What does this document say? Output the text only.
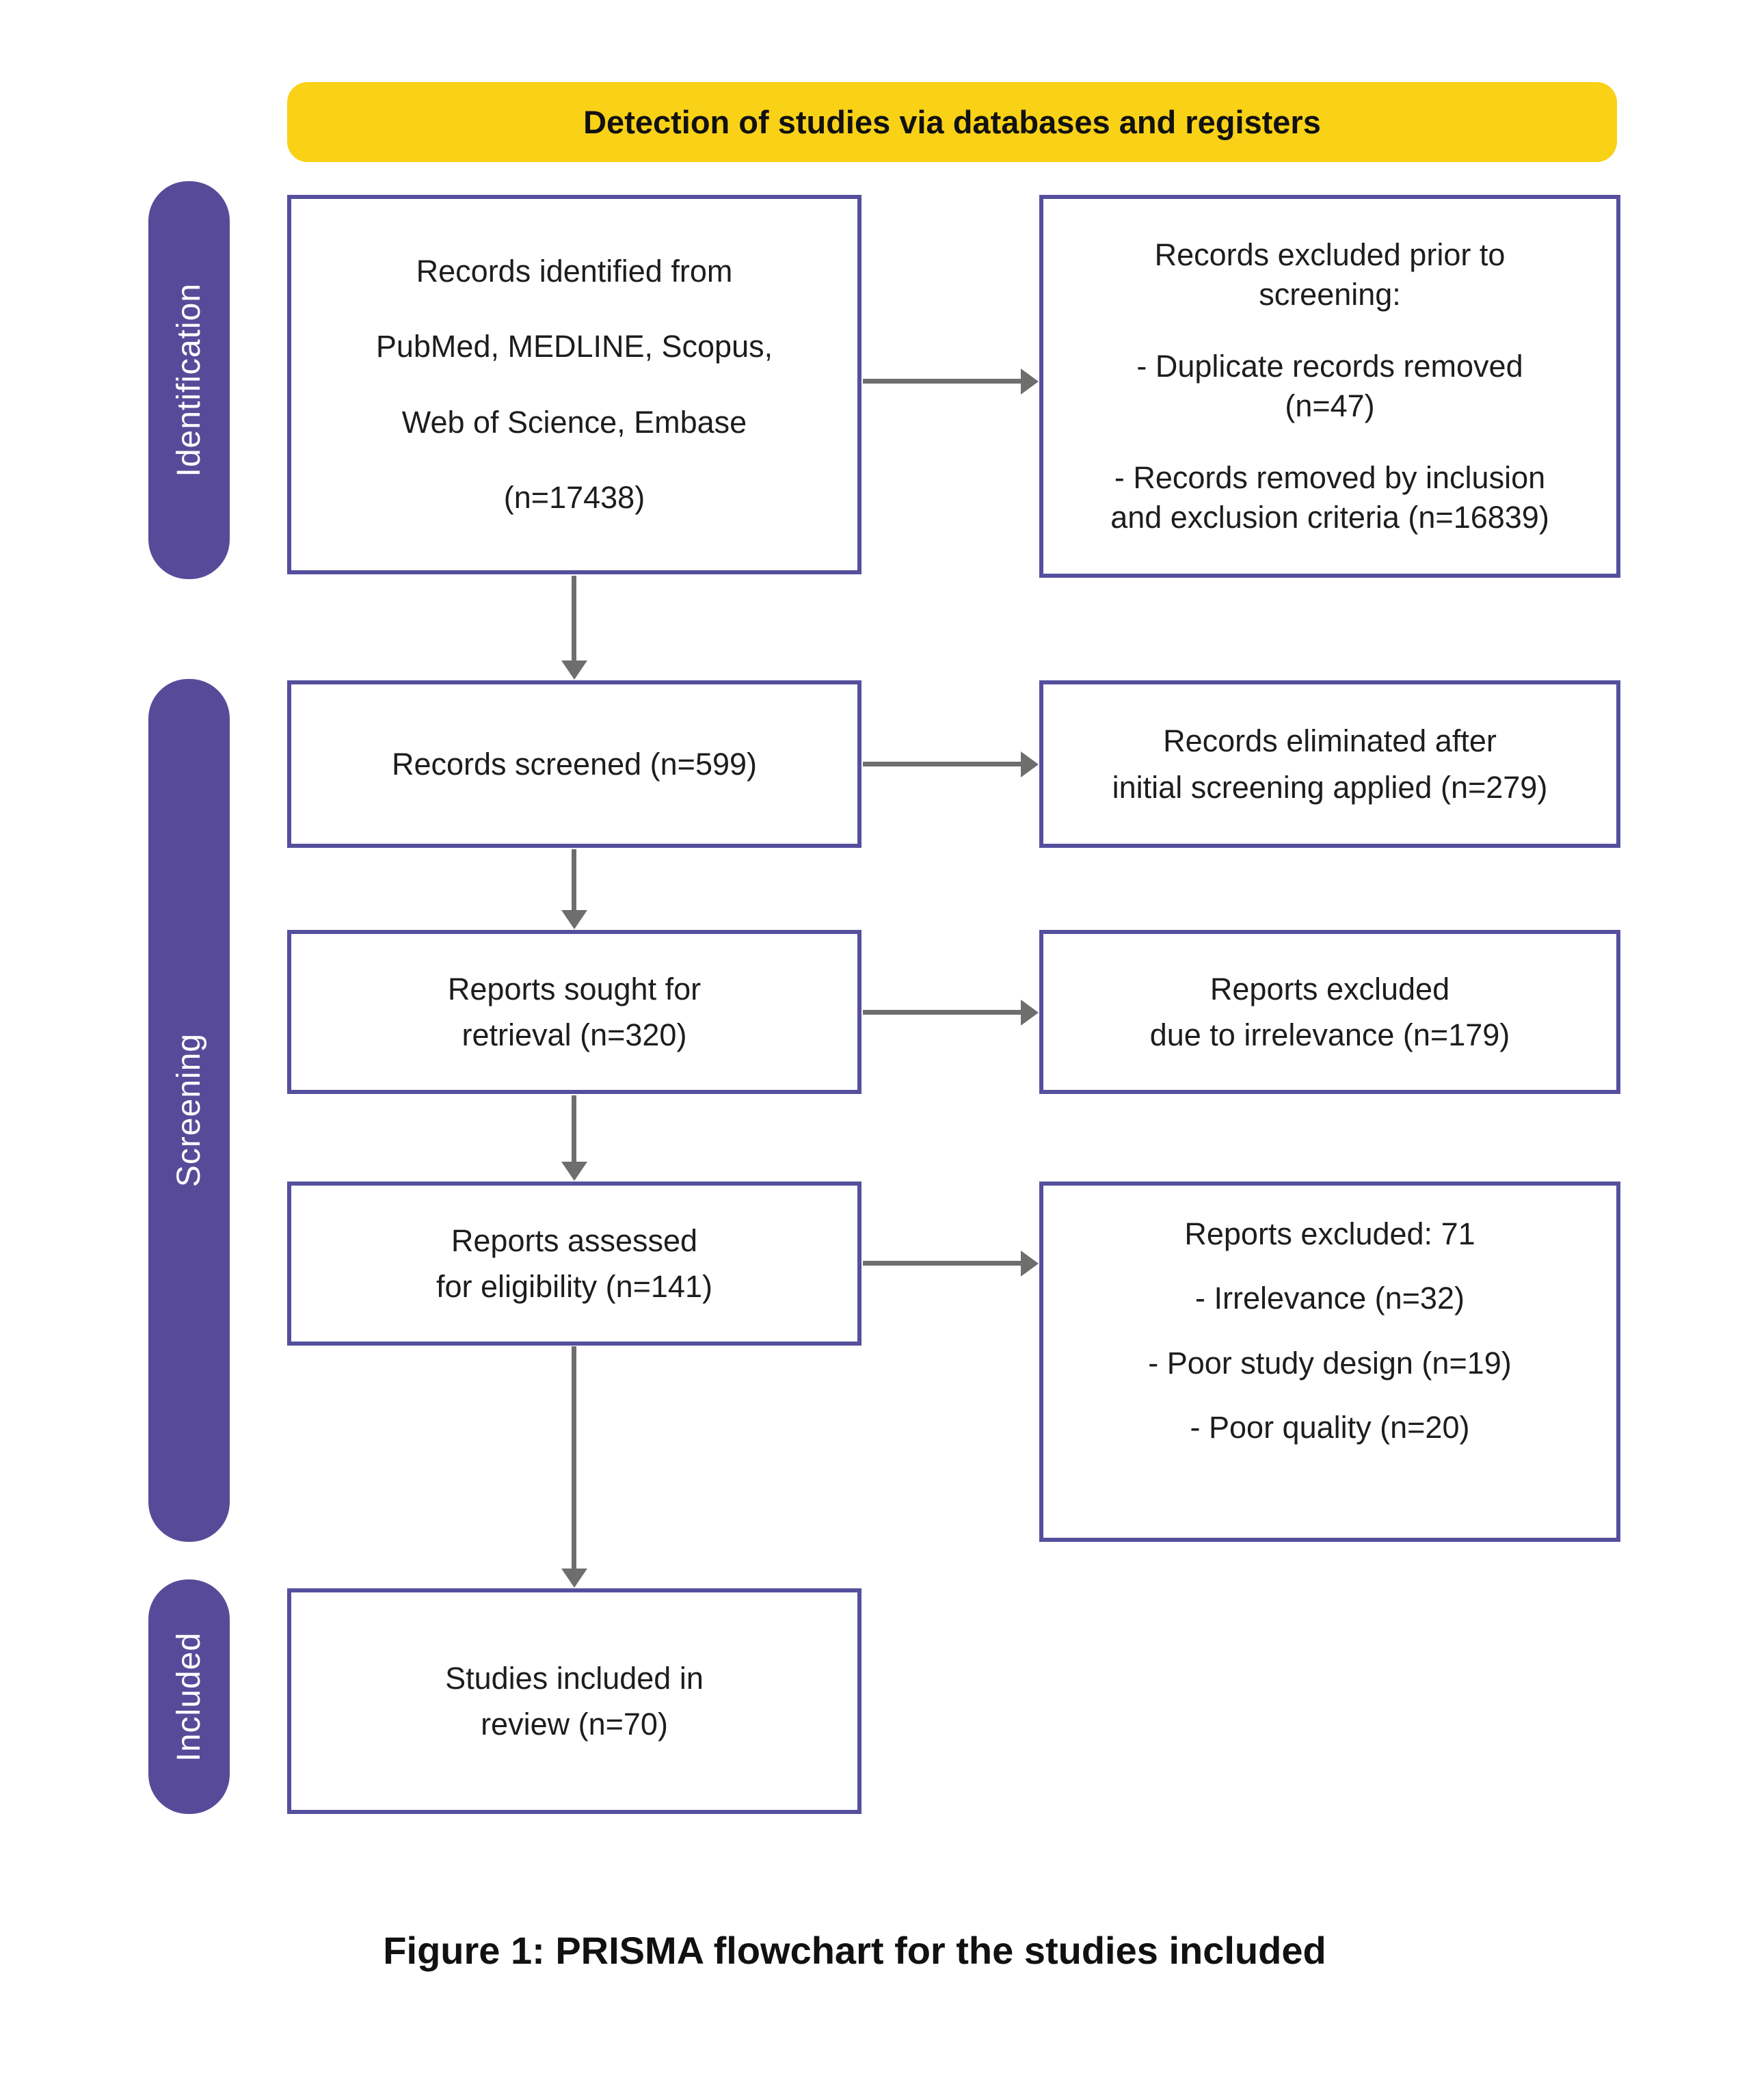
Detection of studies via databases and registers
Identification
Screening
Included
Records identified from
PubMed, MEDLINE, Scopus,
Web of Science, Embase
(n=17438)
Records excluded prior to
screening:
- Duplicate records removed
(n=47)
- Records removed by inclusion
and exclusion criteria (n=16839)
Records screened (n=599)
Records eliminated after
initial screening applied (n=279)
Reports sought for
retrieval (n=320)
Reports excluded
due to irrelevance (n=179)
Reports assessed
for eligibility (n=141)
Reports excluded: 71
- Irrelevance (n=32)
- Poor study design (n=19)
- Poor quality (n=20)
Studies included in
review (n=70)
Figure 1: PRISMA flowchart for the studies included
